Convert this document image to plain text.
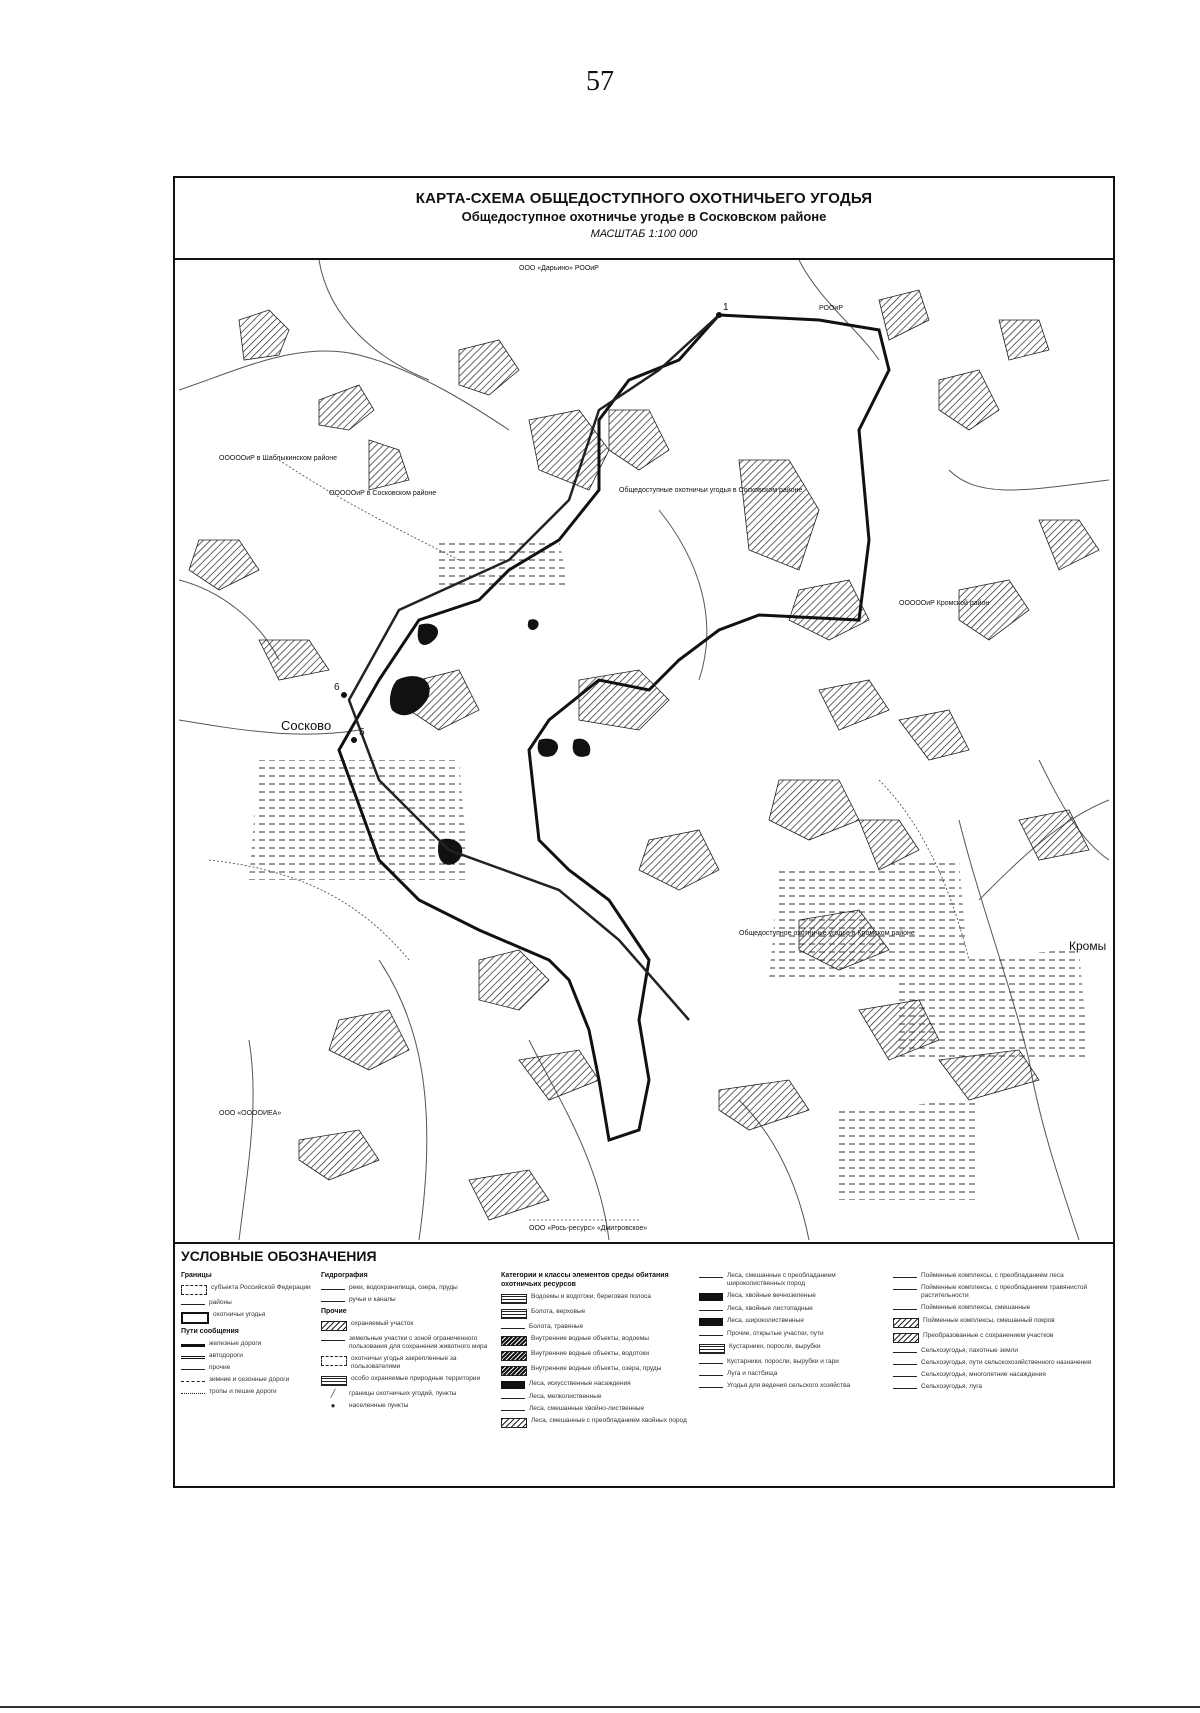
57
КАРТА-СХЕМА ОБЩЕДОСТУПНОГО ОХОТНИЧЬЕГО УГОДЬЯ
Общедоступное охотничье угодье в Сосковском районе
МАСШТАБ 1:100 000
1
5
6
Сосково
Кромы
ООО «Дарьино» РООиР
РООиР
ОООООиР в Шаблыкинском районе
ОООООиР в Сосковском районе	Общедоступные охотничьи угодья в Сосковском районе
ОООООиР Кромской район
Общедоступное охотничье угодье в Кромском районе
ООО «ООООИЕА»
ООО «Рось-ресурс» «Дмитровское»
УСЛОВНЫЕ ОБОЗНАЧЕНИЯ
Границы
субъекта Российской Федерации
районы
охотничьи угодья
Пути сообщения
железные дороги
автодороги
прочие
зимние и сезонные дороги
тропы и пешие дороги
Гидрография
реки, водохранилища, озера, пруды
ручьи и каналы
Прочие
охраняемый участок
земельные участки с зоной ограниченного пользования для сохранения животного мира
охотничьи угодья закрепленные за пользователями
особо охраняемые природные территории
╱	границы охотничьих угодий, пункты
●	населенные пункты
Категории и классы элементов среды обитания охотничьих ресурсов
Водоемы и водотоки, береговая полоса
Болота, верховые
Болота, травяные
Внутренние водные объекты, водоемы
Внутренние водные объекты, водотоки
Внутренние водные объекты, озера, пруды
Леса, искусственные насаждения
Леса, мелколиственные
Леса, смешанные хвойно-лиственные
Леса, смешанные с преобладанием хвойных пород
Леса, смешанные с преобладанием широколиственных пород
Леса, хвойные вечнозеленые
Леса, хвойные листопадные
Леса, широколиственные
Прочие, открытые участки, пути
Кустарники, поросли, вырубки
Кустарники, поросли, вырубки и гари
Луга и пастбища
Угодья для ведения сельского хозяйства
Пойменные комплексы, с преобладанием леса
Пойменные комплексы, с преобладанием травянистой растительности
Пойменные комплексы, смешанные
Пойменные комплексы, смешанный покров
Преобразованные с сохранением участков
Сельхозугодья, пахотные земли
Сельхозугодья, пути сельскохозяйственного назначения
Сельхозугодья, многолетние насаждения
Сельхозугодья, луга
